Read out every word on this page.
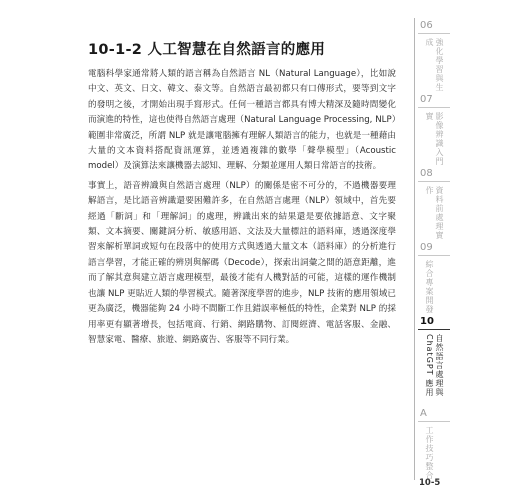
10-1-2 人工智慧在自然語言的應用

電腦科學家通常將人類的語言稱為自然語言 NL（Natural Language），比如說中文、英文、日文、韓文、泰文等。自然語言最初都只有口傳形式，要等到文字的發明之後，才開始出現手寫形式。任何一種語言都具有博大精深及隨時間變化而演進的特性，這也使得自然語言處理（Natural Language Processing, NLP）範圍非常廣泛，所謂 NLP 就是讓電腦擁有理解人類語言的能力，也就是一種藉由大量的文本資料搭配資訊運算，並透過複雜的數學「聲學模型」（Acoustic model）及演算法來讓機器去認知、理解、分類並運用人類日常語言的技術。

事實上，語音辨識與自然語言處理（NLP）的關係是密不可分的，不過機器要理解語言，是比語音辨識還要困難許多，在自然語言處理（NLP）領域中，首先要經過「斷詞」和「理解詞」的處理，辨識出來的結果還是要依據語意、文字聚類、文本摘要、關鍵詞分析、敏感用語、文法及大量標註的語料庫，透過深度學習來解析單詞或短句在段落中的使用方式與透過大量文本（語料庫）的分析進行語言學習，才能正確的辨別與解碼（Decode），探索出詞彙之間的語意距離，進而了解其意與建立語言處理模型，最後才能有人機對話的可能，這樣的運作機制也讓 NLP 更貼近人類的學習模式。隨著深度學習的進步，NLP 技術的應用領域已更為廣泛，機器能夠 24 小時不間斷工作且錯誤率極低的特性，企業對 NLP 的採用率更有顯著增長，包括電商、行銷、網路購物、訂閱經濟、電話客服、金融、智慧家電、醫療、旅遊、網路廣告、客服等不同行業。

06
強化學習與生成
07
影像辨識入門實
08
資料前處理實作
09
綜合專案開發
10
自然語言處理與 ChatGPT 應用
A
工作技巧整合
10-5
